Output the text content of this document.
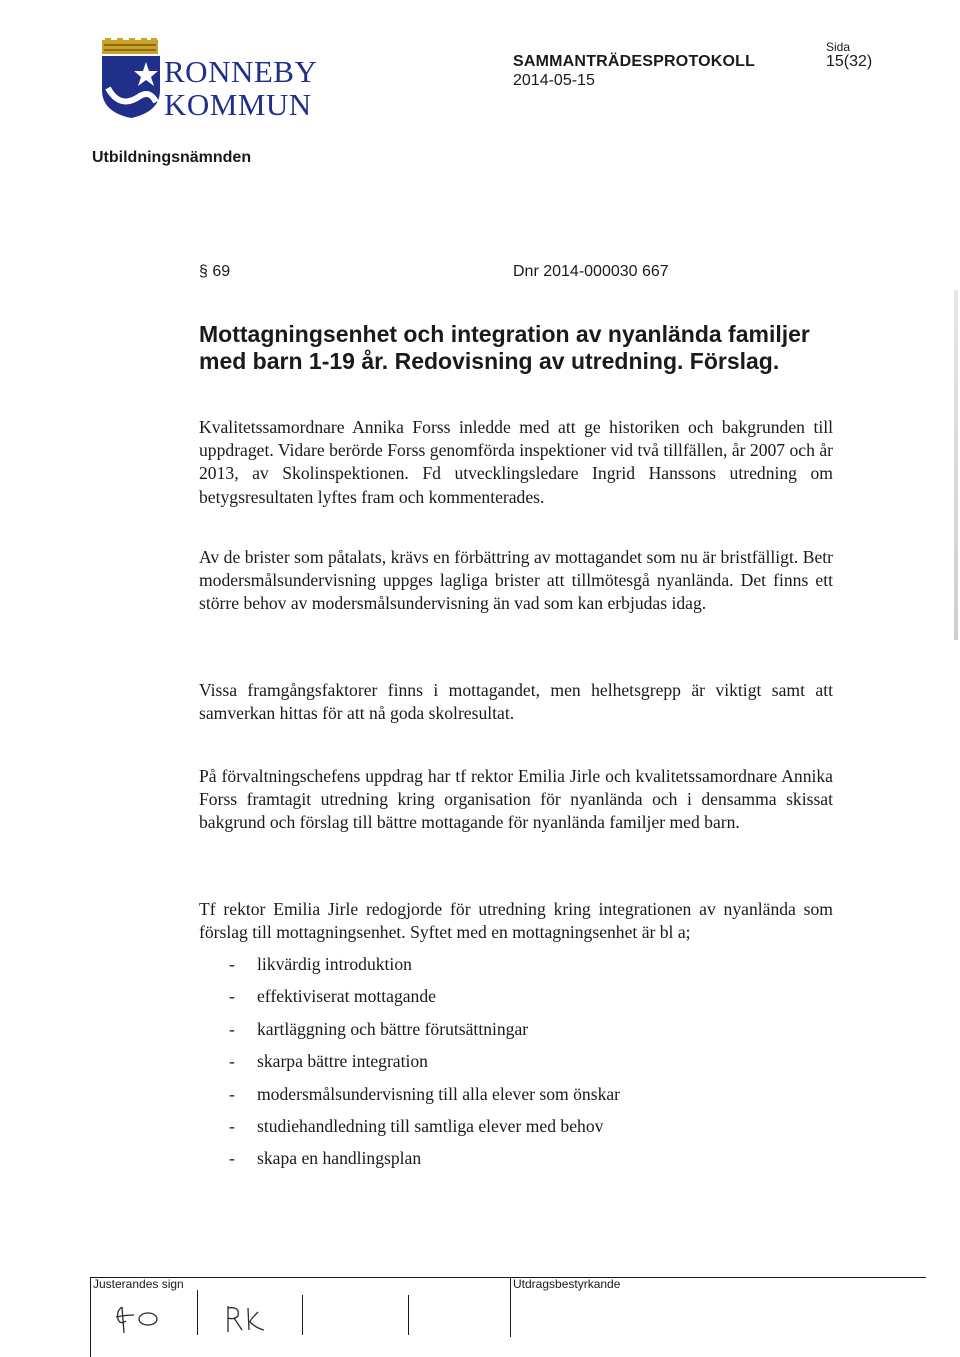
RONNEBY
KOMMUN
SAMMANTRÄDESPROTOKOLL
2014-05-15
Sida
15(32)
Utbildningsnämnden
§ 69	Dnr 2014-000030 667
Mottagningsenhet och integration av nyanlända familjer
med barn 1-19 år. Redovisning av utredning. Förslag.
Kvalitetssamordnare Annika Forss inledde med att ge historiken och bakgrunden till uppdraget. Vidare berörde Forss genomförda inspektioner vid två tillfällen, år 2007 och år 2013, av Skolinspektionen. Fd utvecklingsledare Ingrid Hanssons utredning om betygsresultaten lyftes fram och kommenterades.
Av de brister som påtalats, krävs en förbättring av mottagandet som nu är bristfälligt. Betr modersmålsundervisning uppges lagliga brister att tillmötesgå nyanlända. Det finns ett större behov av modersmålsundervisning än vad som kan erbjudas idag.
Vissa framgångsfaktorer finns i mottagandet, men helhetsgrepp är viktigt samt att samverkan hittas för att nå goda skolresultat.
På förvaltningschefens uppdrag har tf rektor Emilia Jirle och kvalitetssamordnare Annika Forss framtagit utredning kring organisation för nyanlända och i densamma skissat bakgrund och förslag till bättre mottagande för nyanlända familjer med barn.
Tf rektor Emilia Jirle redogjorde för utredning kring integrationen av nyanlända som förslag till mottagningsenhet. Syftet med en mottagningsenhet är bl a;
- likvärdig introduktion
- effektiviserat mottagande
- kartläggning och bättre förutsättningar
- skarpa bättre integration
- modersmålsundervisning till alla elever som önskar
- studiehandledning till samtliga elever med behov
- skapa en handlingsplan
Justerandes sign	Utdragsbestyrkande
